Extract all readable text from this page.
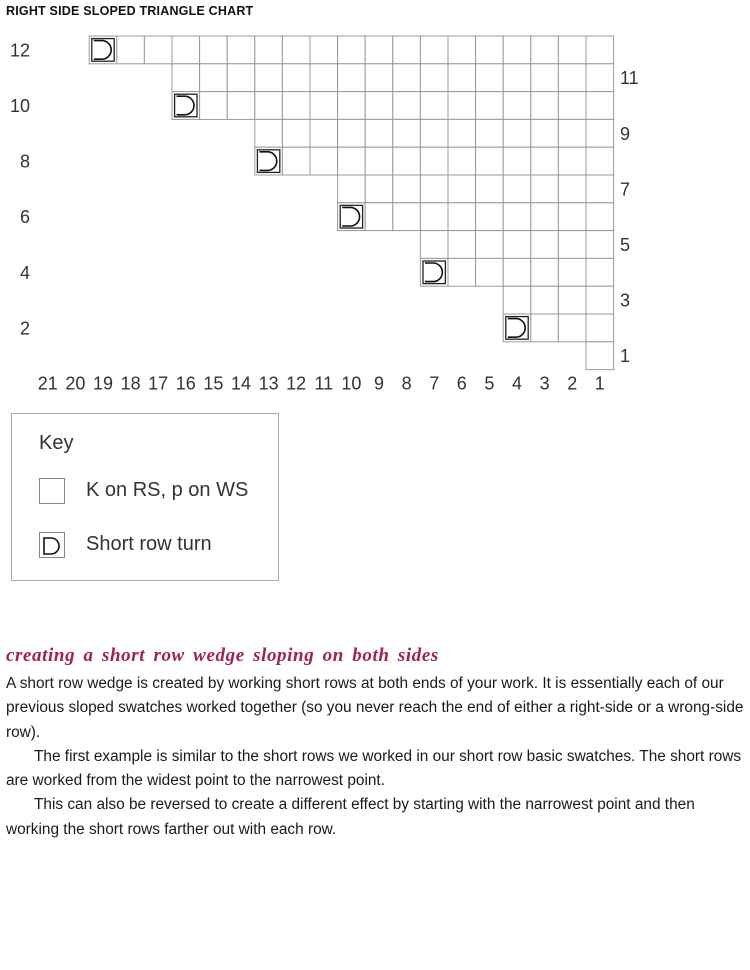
RIGHT SIDE SLOPED TRIANGLE CHART
12
10
8
6
4
2
11
9
7
5
3
1
21 20 19 18 17 16 15 14 13 12 11 10 9 8 7 6 5 4 3 2 1
Key
K on RS, p on WS
Short row turn
creating a short row wedge sloping on both sides

A short row wedge is created by working short rows at both ends of your work. It is essentially each of our previous sloped swatches worked together (so you never reach the end of either a right-side or a wrong-side row).

The first example is similar to the short rows we worked in our short row basic swatches. The short rows are worked from the widest point to the narrowest point.

This can also be reversed to create a different effect by starting with the narrowest point and then working the short rows farther out with each row.
